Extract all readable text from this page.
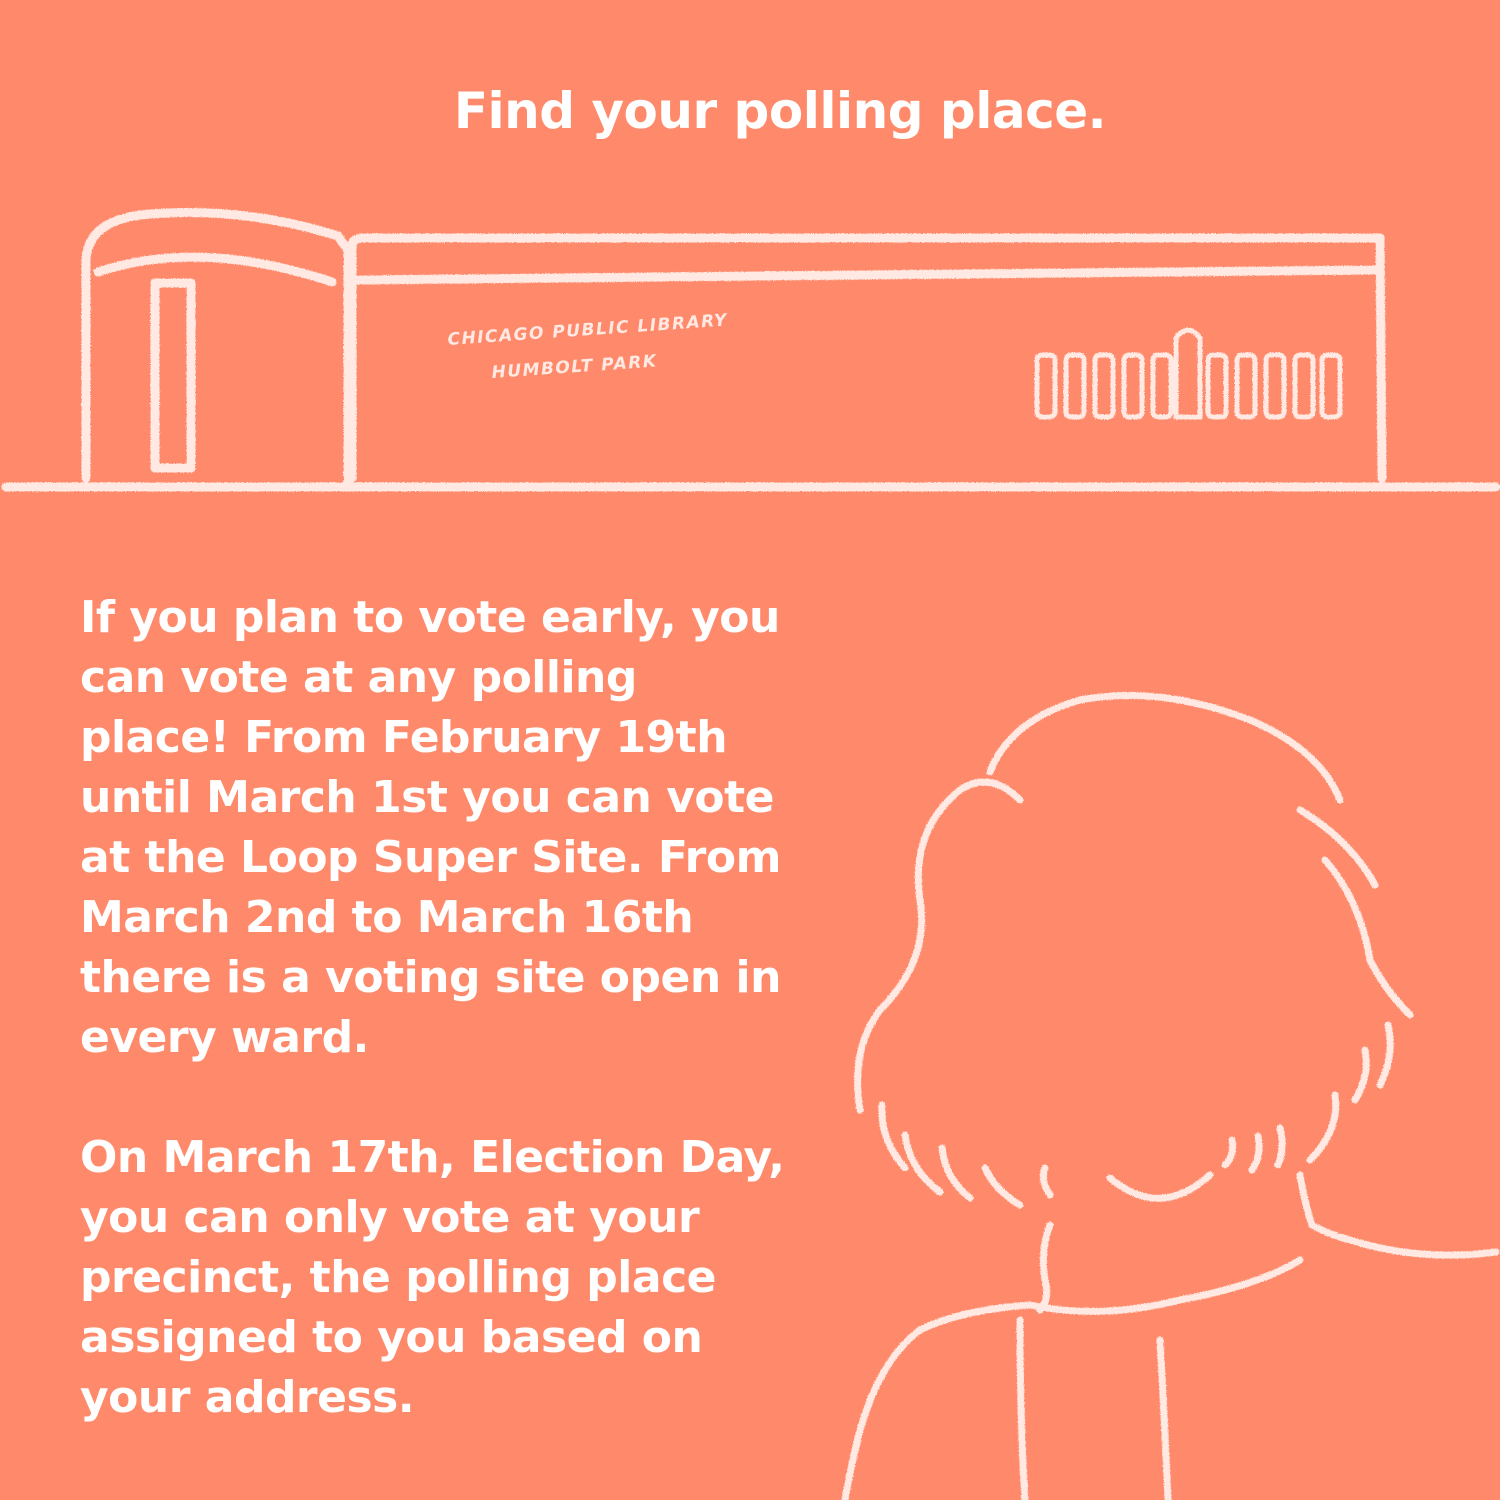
Find your polling place.
CHICAGO PUBLIC LIBRARY
HUMBOLT PARK

If you plan to vote early, you can vote at any polling place! From February 19th until March 1st you can vote at the Loop Super Site. From March 2nd to March 16th there is a voting site open in every ward.

On March 17th, Election Day, you can only vote at your precinct, the polling place assigned to you based on your address.
